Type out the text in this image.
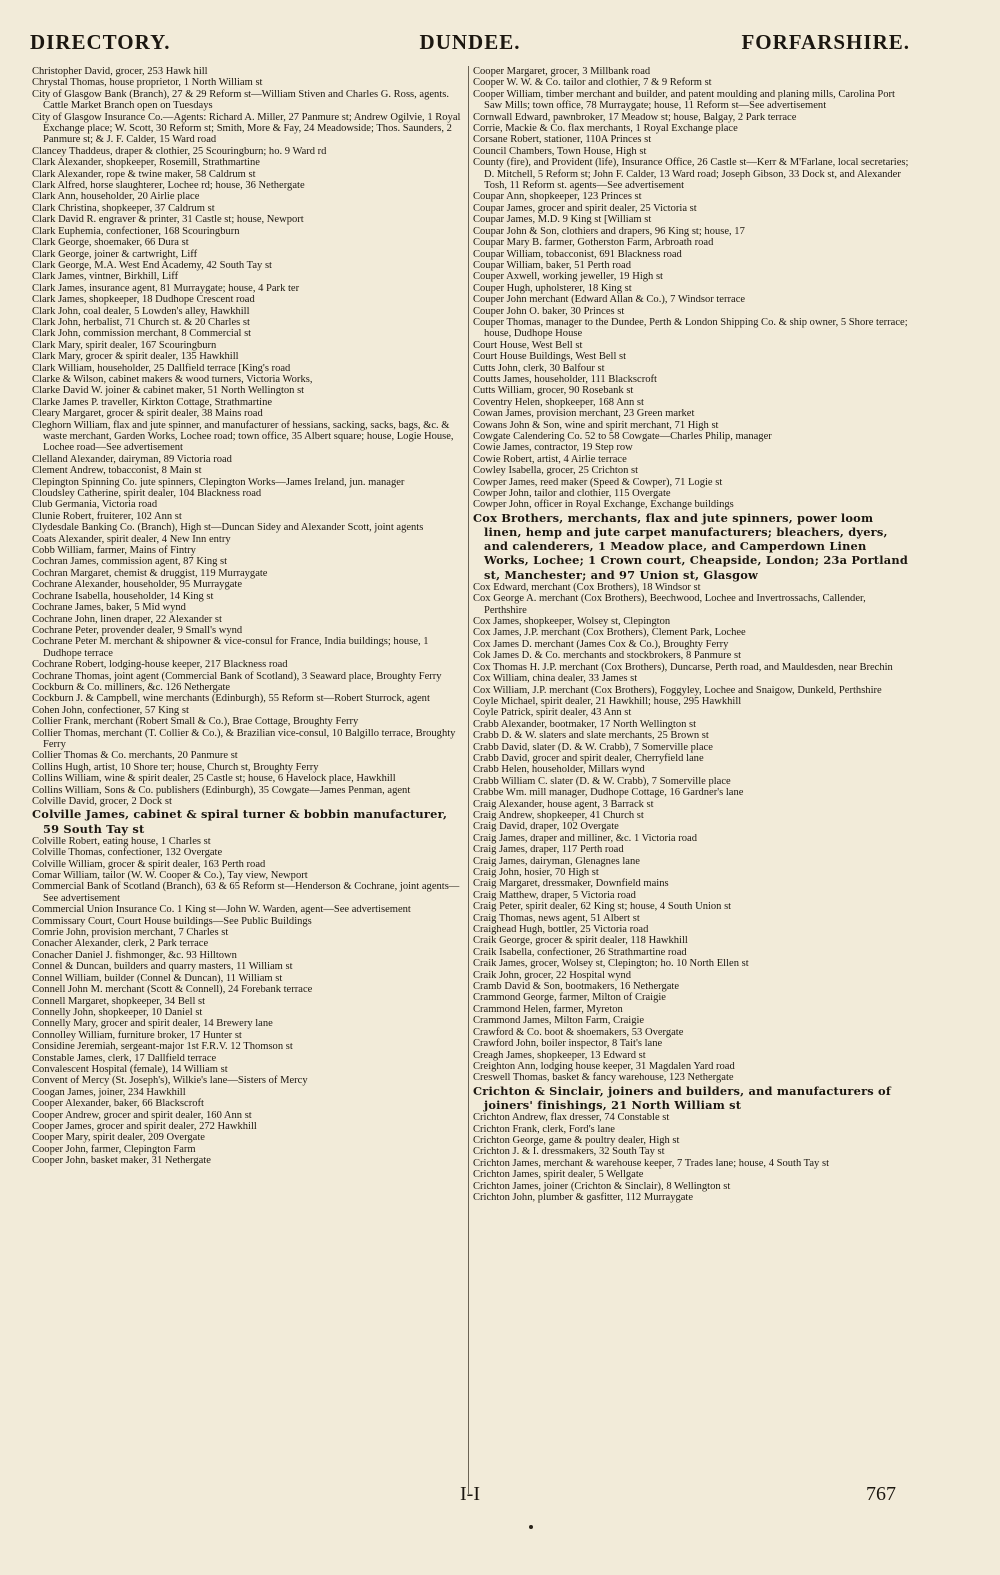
DIRECTORY.	DUNDEE.	FORFARSHIRE.
Christopher David, grocer, 253 Hawk hill
Chrystal Thomas, house proprietor, 1 North William st
City of Glasgow Bank (Branch), 27 & 29 Reform st—William Stiven and Charles G. Ross, agents. Cattle Market Branch open on Tuesdays
City of Glasgow Insurance Co.—Agents: Richard A. Miller, 27 Panmure st; Andrew Ogilvie, 1 Royal Exchange place; W. Scott, 30 Reform st; Smith, More & Fay, 24 Meadowside; Thos. Saunders, 2 Panmure st; & J. F. Calder, 15 Ward road
Clancey Thaddeus, draper & clothier, 25 Scouringburn; ho. 9 Ward rd
Clark Alexander, shopkeeper, Rosemill, Strathmartine
Clark Alexander, rope & twine maker, 58 Caldrum st
Clark Alfred, horse slaughterer, Lochee rd; house, 36 Nethergate
Clark Ann, householder, 20 Airlie place
Clark Christina, shopkeeper, 37 Caldrum st
Clark David R. engraver & printer, 31 Castle st; house, Newport
Clark Euphemia, confectioner, 168 Scouringburn
Clark George, shoemaker, 66 Dura st
Clark George, joiner & cartwright, Liff
Clark George, M.A. West End Academy, 42 South Tay st
Clark James, vintner, Birkhill, Liff
Clark James, insurance agent, 81 Murraygate; house, 4 Park ter
Clark James, shopkeeper, 18 Dudhope Crescent road
Clark John, coal dealer, 5 Lowden's alley, Hawkhill
Clark John, herbalist, 71 Church st. & 20 Charles st
Clark John, commission merchant, 8 Commercial st
Clark Mary, spirit dealer, 167 Scouringburn
Clark Mary, grocer & spirit dealer, 135 Hawkhill
Clark William, householder, 25 Dallfield terrace [King's road
Clarke & Wilson, cabinet makers & wood turners, Victoria Works,
Clarke David W. joiner & cabinet maker, 51 North Wellington st
Clarke James P. traveller, Kirkton Cottage, Strathmartine
Cleary Margaret, grocer & spirit dealer, 38 Mains road
Cleghorn William, flax and jute spinner, and manufacturer of hessians, sacking, sacks, bags, &c. & waste merchant, Garden Works, Lochee road; town office, 35 Albert square; house, Logie House, Lochee road—See advertisement
Clelland Alexander, dairyman, 89 Victoria road
Clement Andrew, tobacconist, 8 Main st
Clepington Spinning Co. jute spinners, Clepington Works—James Ireland, jun. manager
Cloudsley Catherine, spirit dealer, 104 Blackness road
Club Germania, Victoria road
Clunie Robert, fruiterer, 102 Ann st
Clydesdale Banking Co. (Branch), High st—Duncan Sidey and Alexander Scott, joint agents
Coats Alexander, spirit dealer, 4 New Inn entry
Cobb William, farmer, Mains of Fintry
Cochran James, commission agent, 87 King st
Cochran Margaret, chemist & druggist, 119 Murraygate
Cochrane Alexander, householder, 95 Murraygate
Cochrane Isabella, householder, 14 King st
Cochrane James, baker, 5 Mid wynd
Cochrane John, linen draper, 22 Alexander st
Cochrane Peter, provender dealer, 9 Small's wynd
Cochrane Peter M. merchant & shipowner & vice-consul for France, India buildings; house, 1 Dudhope terrace
Cochrane Robert, lodging-house keeper, 217 Blackness road
Cochrane Thomas, joint agent (Commercial Bank of Scotland), 3 Seaward place, Broughty Ferry
Cockburn & Co. milliners, &c. 126 Nethergate
Cockburn J. & Campbell, wine merchants (Edinburgh), 55 Reform st—Robert Sturrock, agent
Cohen John, confectioner, 57 King st
Collier Frank, merchant (Robert Small & Co.), Brae Cottage, Broughty Ferry
Collier Thomas, merchant (T. Collier & Co.), & Brazilian vice-consul, 10 Balgillo terrace, Broughty Ferry
Collier Thomas & Co. merchants, 20 Panmure st
Collins Hugh, artist, 10 Shore ter; house, Church st, Broughty Ferry
Collins William, wine & spirit dealer, 25 Castle st; house, 6 Havelock place, Hawkhill
Collins William, Sons & Co. publishers (Edinburgh), 35 Cowgate—James Penman, agent
Colville David, grocer, 2 Dock st
Colville James, cabinet & spiral turner & bobbin manufacturer, 59 South Tay st
Colville Robert, eating house, 1 Charles st
Colville Thomas, confectioner, 132 Overgate
Colville William, grocer & spirit dealer, 163 Perth road
Comar William, tailor (W. W. Cooper & Co.), Tay view, Newport
Commercial Bank of Scotland (Branch), 63 & 65 Reform st—Henderson & Cochrane, joint agents—See advertisement
Commercial Union Insurance Co. 1 King st—John W. Warden, agent—See advertisement
Commissary Court, Court House buildings—See Public Buildings
Comrie John, provision merchant, 7 Charles st
Conacher Alexander, clerk, 2 Park terrace
Conacher Daniel J. fishmonger, &c. 93 Hilltown
Connel & Duncan, builders and quarry masters, 11 William st
Connel William, builder (Connel & Duncan), 11 William st
Connell John M. merchant (Scott & Connell), 24 Forebank terrace
Connell Margaret, shopkeeper, 34 Bell st
Connelly John, shopkeeper, 10 Daniel st
Connelly Mary, grocer and spirit dealer, 14 Brewery lane
Connolley William, furniture broker, 17 Hunter st
Considine Jeremiah, sergeant-major 1st F.R.V. 12 Thomson st
Constable James, clerk, 17 Dallfield terrace
Convalescent Hospital (female), 14 William st
Convent of Mercy (St. Joseph's), Wilkie's lane—Sisters of Mercy
Coogan James, joiner, 234 Hawkhill
Cooper Alexander, baker, 66 Blackscroft
Cooper Andrew, grocer and spirit dealer, 160 Ann st
Cooper James, grocer and spirit dealer, 272 Hawkhill
Cooper Mary, spirit dealer, 209 Overgate
Cooper John, farmer, Clepington Farm
Cooper John, basket maker, 31 Nethergate
Cooper Margaret, grocer, 3 Millbank road
Cooper W. W. & Co. tailor and clothier, 7 & 9 Reform st
Cooper William, timber merchant and builder, and patent moulding and planing mills, Carolina Port Saw Mills; town office, 78 Murraygate; house, 11 Reform st—See advertisement
Cornwall Edward, pawnbroker, 17 Meadow st; house, Balgay, 2 Park terrace
Corrie, Mackie & Co. flax merchants, 1 Royal Exchange place
Corsane Robert, stationer, 110A Princes st
Council Chambers, Town House, High st
County (fire), and Provident (life), Insurance Office, 26 Castle st—Kerr & M'Farlane, local secretaries; D. Mitchell, 5 Reform st; John F. Calder, 13 Ward road; Joseph Gibson, 33 Dock st, and Alexander Tosh, 11 Reform st. agents—See advertisement
Coupar Ann, shopkeeper, 123 Princes st
Coupar James, grocer and spirit dealer, 25 Victoria st
Coupar James, M.D. 9 King st [William st
Coupar John & Son, clothiers and drapers, 96 King st; house, 17
Coupar Mary B. farmer, Gotherston Farm, Arbroath road
Coupar William, tobacconist, 691 Blackness road
Coupar William, baker, 51 Perth road
Couper Axwell, working jeweller, 19 High st
Couper Hugh, upholsterer, 18 King st
Couper John merchant (Edward Allan & Co.), 7 Windsor terrace
Couper John O. baker, 30 Princes st
Couper Thomas, manager to the Dundee, Perth & London Shipping Co. & ship owner, 5 Shore terrace; house, Dudhope House
Court House, West Bell st
Court House Buildings, West Bell st
Cutts John, clerk, 30 Balfour st
Coutts James, householder, 111 Blackscroft
Cutts William, grocer, 90 Rosebank st
Coventry Helen, shopkeeper, 168 Ann st
Cowan James, provision merchant, 23 Green market
Cowans John & Son, wine and spirit merchant, 71 High st
Cowgate Calendering Co. 52 to 58 Cowgate—Charles Philip, manager
Cowie James, contractor, 19 Step row
Cowie Robert, artist, 4 Airlie terrace
Cowley Isabella, grocer, 25 Crichton st
Cowper James, reed maker (Speed & Cowper), 71 Logie st
Cowper John, tailor and clothier, 115 Overgate
Cowper John, officer in Royal Exchange, Exchange buildings
Cox Brothers, merchants, flax and jute spinners, power loom linen, hemp and jute carpet manufacturers; bleachers, dyers, and calenderers, 1 Meadow place, and Camperdown Linen Works, Lochee; 1 Crown court, Cheapside, London; 23a Portland st, Manchester; and 97 Union st, Glasgow
Cox Edward, merchant (Cox Brothers), 18 Windsor st
Cox George A. merchant (Cox Brothers), Beechwood, Lochee and Invertrossachs, Callender, Perthshire
Cox James, shopkeeper, Wolsey st, Clepington
Cox James, J.P. merchant (Cox Brothers), Clement Park, Lochee
Cox James D. merchant (James Cox & Co.), Broughty Ferry
Cok James D. & Co. merchants and stockbrokers, 8 Panmure st
Cox Thomas H. J.P. merchant (Cox Brothers), Duncarse, Perth road, and Mauldesden, near Brechin
Cox William, china dealer, 33 James st
Cox William, J.P. merchant (Cox Brothers), Foggyley, Lochee and Snaigow, Dunkeld, Perthshire
Coyle Michael, spirit dealer, 21 Hawkhill; house, 295 Hawkhill
Coyle Patrick, spirit dealer, 43 Ann st
Crabb Alexander, bootmaker, 17 North Wellington st
Crabb D. & W. slaters and slate merchants, 25 Brown st
Crabb David, slater (D. & W. Crabb), 7 Somerville place
Crabb David, grocer and spirit dealer, Cherryfield lane
Crabb Helen, householder, Millars wynd
Crabb William C. slater (D. & W. Crabb), 7 Somerville place
Crabbe Wm. mill manager, Dudhope Cottage, 16 Gardner's lane
Craig Alexander, house agent, 3 Barrack st
Craig Andrew, shopkeeper, 41 Church st
Craig David, draper, 102 Overgate
Craig James, draper and milliner, &c. 1 Victoria road
Craig James, draper, 117 Perth road
Craig James, dairyman, Glenagnes lane
Craig John, hosier, 70 High st
Craig Margaret, dressmaker, Downfield mains
Craig Matthew, draper, 5 Victoria road
Craig Peter, spirit dealer, 62 King st; house, 4 South Union st
Craig Thomas, news agent, 51 Albert st
Craighead Hugh, bottler, 25 Victoria road
Craik George, grocer & spirit dealer, 118 Hawkhill
Craik Isabella, confectioner, 26 Strathmartine road
Craik James, grocer, Wolsey st, Clepington; ho. 10 North Ellen st
Craik John, grocer, 22 Hospital wynd
Cramb David & Son, bootmakers, 16 Nethergate
Crammond George, farmer, Milton of Craigie
Crammond Helen, farmer, Myreton
Crammond James, Milton Farm, Craigie
Crawford & Co. boot & shoemakers, 53 Overgate
Crawford John, boiler inspector, 8 Tait's lane
Creagh James, shopkeeper, 13 Edward st
Creighton Ann, lodging house keeper, 31 Magdalen Yard road
Creswell Thomas, basket & fancy warehouse, 123 Nethergate
Crichton & Sinclair, joiners and builders, and manufacturers of joiners' finishings, 21 North William st
Crichton Andrew, flax dresser, 74 Constable st
Crichton Frank, clerk, Ford's lane
Crichton George, game & poultry dealer, High st
Crichton J. & I. dressmakers, 32 South Tay st
Crichton James, merchant & warehouse keeper, 7 Trades lane; house, 4 South Tay st
Crichton James, spirit dealer, 5 Wellgate
Crichton James, joiner (Crichton & Sinclair), 8 Wellington st
Crichton John, plumber & gasfitter, 112 Murraygate
I-I	767
